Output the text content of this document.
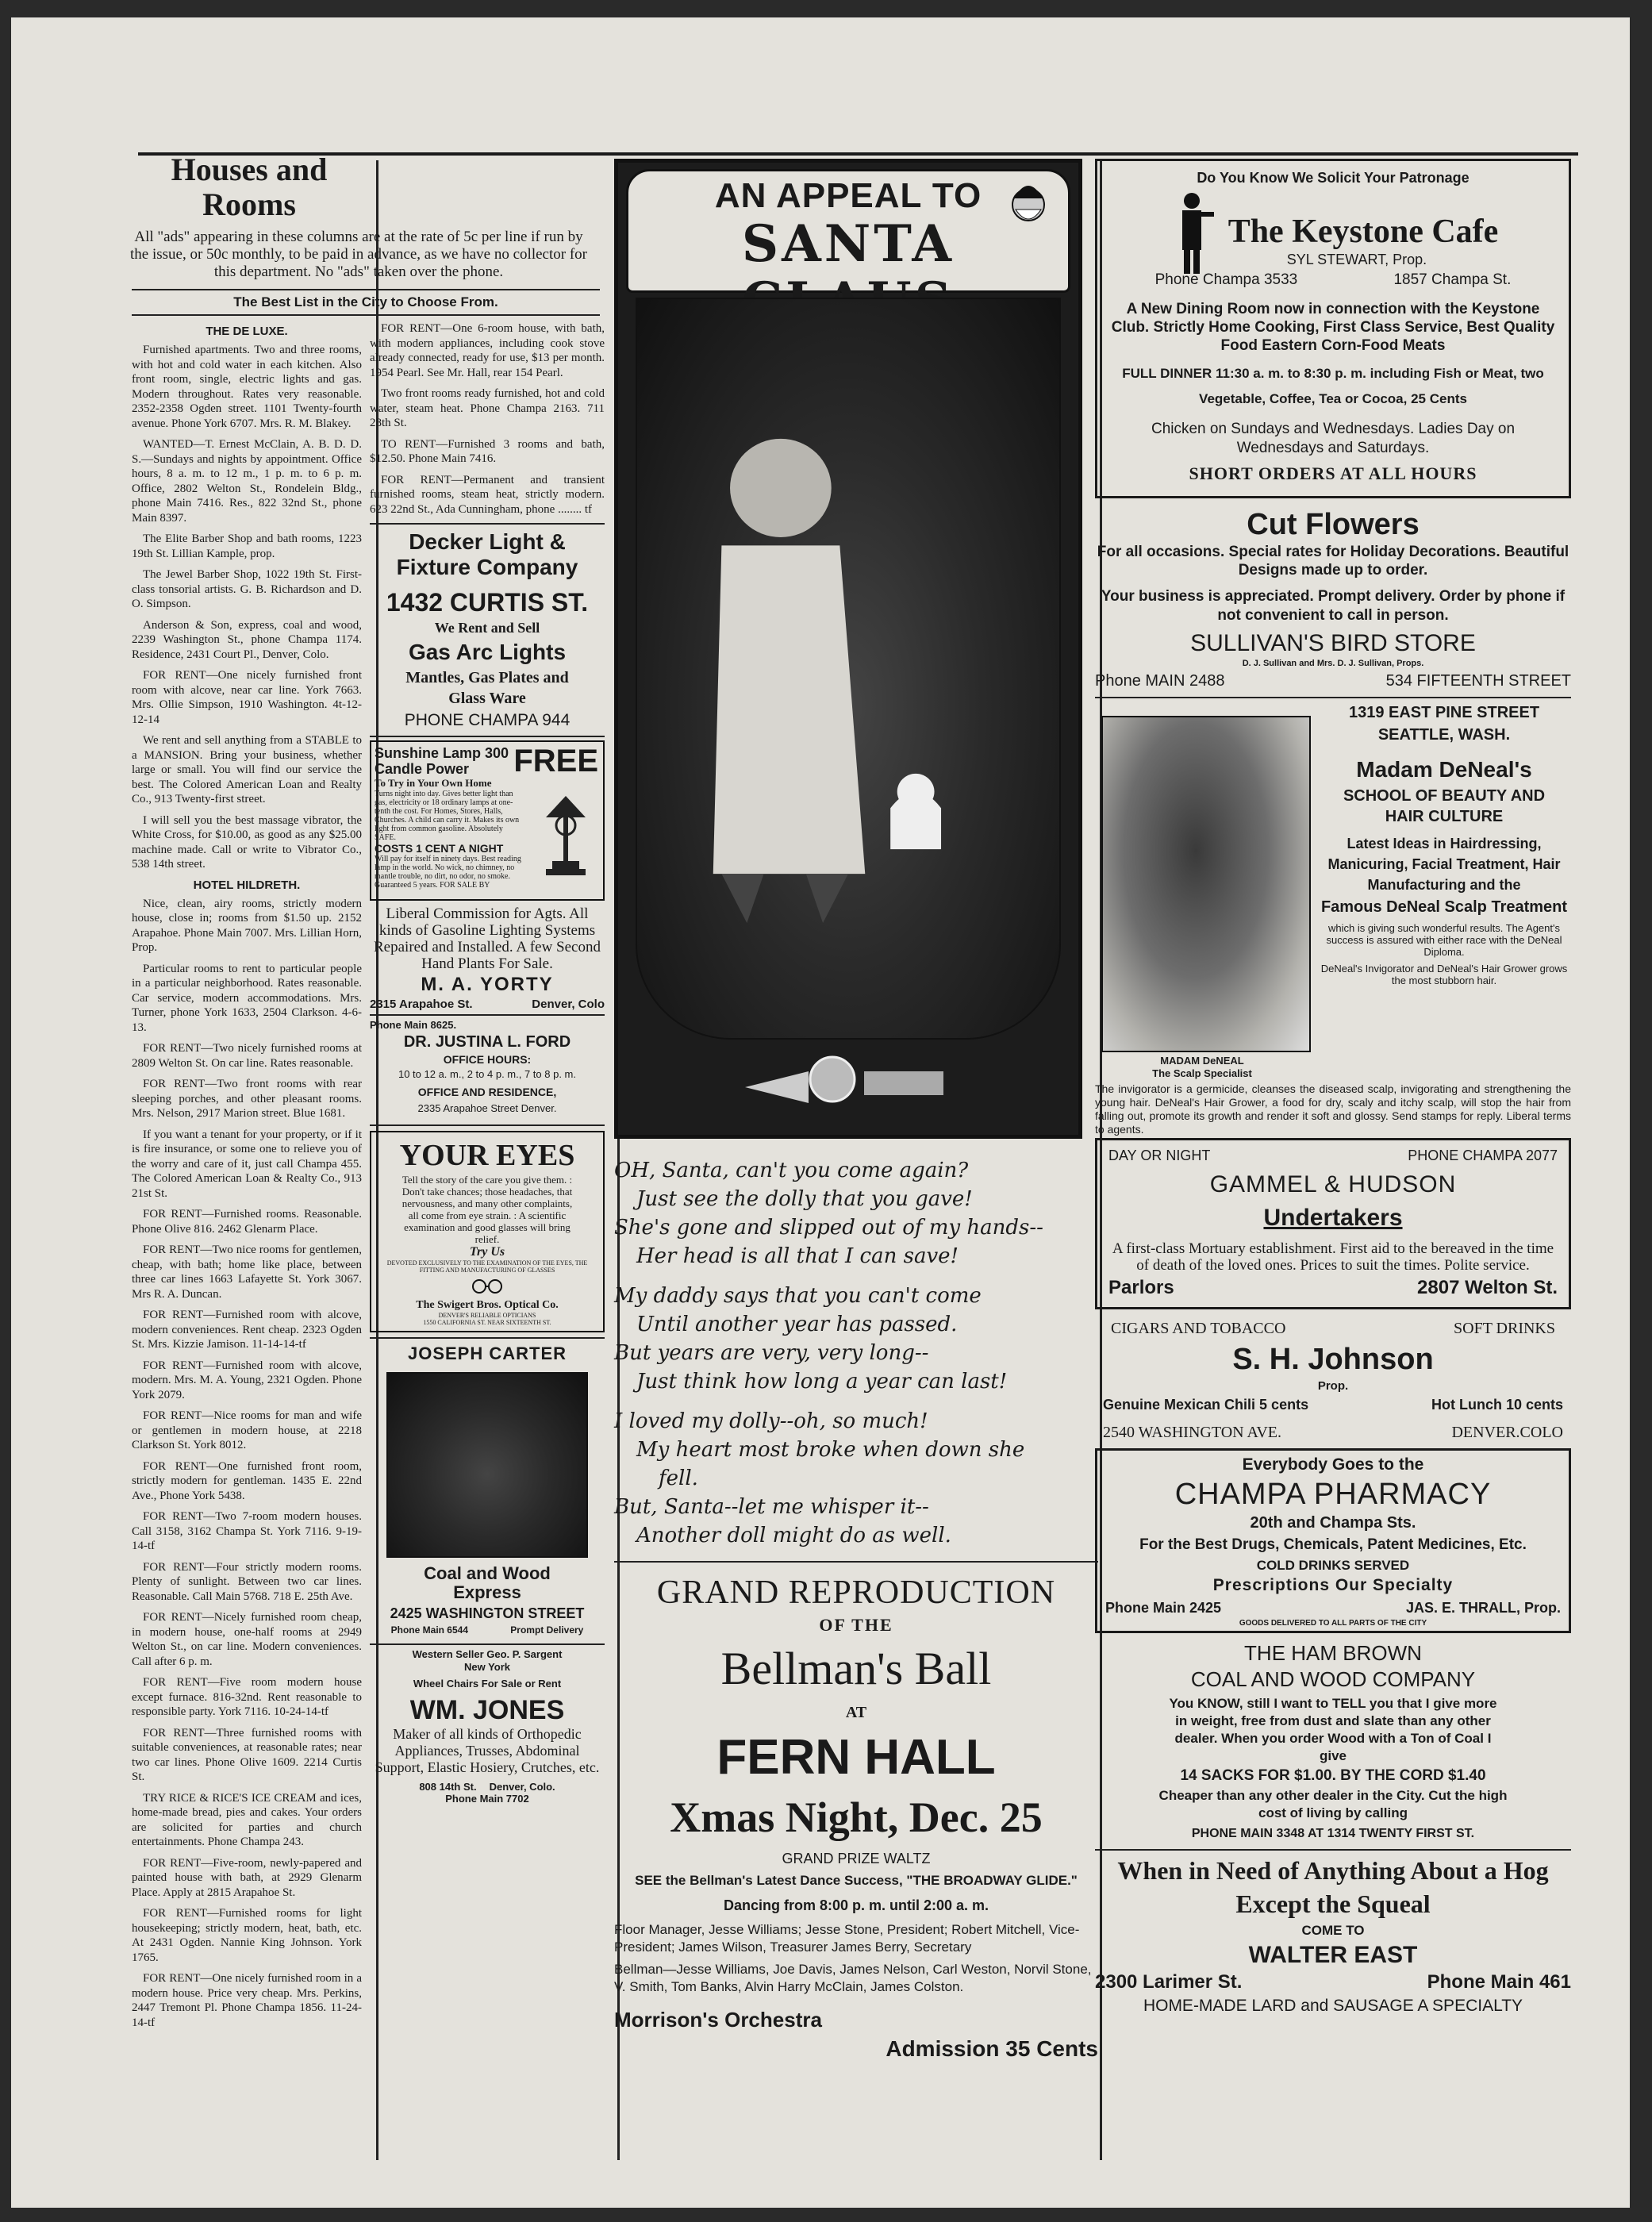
Houses and Rooms
All "ads" appearing in these columns are at the rate of 5c per line if run by the issue, or 50c monthly, to be paid in advance, as we have no collector for this department. No "ads" taken over the phone.
The Best List in the City to Choose From.
THE DE LUXE.

Furnished apartments. Two and three rooms, with hot and cold water in each kitchen. Also front room, single, electric lights and gas. Modern throughout. Rates very reasonable. 2352-2358 Ogden street. 1101 Twenty-fourth avenue. Phone York 6707. Mrs. R. M. Blakey.

WANTED—T. Ernest McClain, A. B. D. D. S.—Sundays and nights by appointment. Office hours, 8 a. m. to 12 m., 1 p. m. to 6 p. m. Office, 2802 Welton St., Rondelein Bldg., phone Main 7416. Res., 822 32nd St., phone Main 8397.

The Elite Barber Shop and bath rooms, 1223 19th St. Lillian Kample, prop.

The Jewel Barber Shop, 1022 19th St. First-class tonsorial artists. G. B. Richardson and D. O. Simpson.

Anderson & Son, express, coal and wood, 2239 Washington St., phone Champa 1174. Residence, 2431 Court Pl., Denver, Colo.

FOR RENT—One nicely furnished front room with alcove, near car line. York 7663. Mrs. Ollie Simpson, 1910 Washington. 4t-12-12-14

We rent and sell anything from a STABLE to a MANSION. Bring your business, whether large or small. You will find our service the best. The Colored American Loan and Realty Co., 913 Twenty-first street.

I will sell you the best massage vibrator, the White Cross, for $10.00, as good as any $25.00 machine made. Call or write to Vibrator Co., 538 14th street.

HOTEL HILDRETH.

Nice, clean, airy rooms, strictly modern house, close in; rooms from $1.50 up. 2152 Arapahoe. Phone Main 7007. Mrs. Lillian Horn, Prop.

Particular rooms to rent to particular people in a particular neighborhood. Rates reasonable. Car service, modern accommodations. Mrs. Turner, phone York 1633, 2504 Clarkson. 4-6-13.

FOR RENT—Two nicely furnished rooms at 2809 Welton St. On car line. Rates reasonable.

FOR RENT—Two front rooms with rear sleeping porches, and other pleasant rooms. Mrs. Nelson, 2917 Marion street. Blue 1681.

If you want a tenant for your property, or if it is fire insurance, or some one to relieve you of the worry and care of it, just call Champa 455. The Colored American Loan & Realty Co., 913 21st St.

FOR RENT—Furnished rooms. Reasonable. Phone Olive 816. 2462 Glenarm Place.

FOR RENT—Two nice rooms for gentlemen, cheap, with bath; home like place, between three car lines 1663 Lafayette St. York 3067. Mrs R. A. Duncan.

FOR RENT—Furnished room with alcove, modern conveniences. Rent cheap. 2323 Ogden St. Mrs. Kizzie Jamison. 11-14-14-tf

FOR RENT—Furnished room with alcove, modern. Mrs. M. A. Young, 2321 Ogden. Phone York 2079.

FOR RENT—Nice rooms for man and wife or gentlemen in modern house, at 2218 Clarkson St. York 8012.

FOR RENT—One furnished front room, strictly modern for gentleman. 1435 E. 22nd Ave., Phone York 5438.

FOR RENT—Two 7-room modern houses. Call 3158, 3162 Champa St. York 7116. 9-19-14-tf

FOR RENT—Four strictly modern rooms. Plenty of sunlight. Between two car lines. Reasonable. Call Main 5768. 718 E. 25th Ave.

FOR RENT—Nicely furnished room cheap, in modern house, one-half rooms at 2949 Welton St., on car line. Modern conveniences. Call after 6 p. m.

FOR RENT—Five room modern house except furnace. 816-32nd. Rent reasonable to responsible party. York 7116. 10-24-14-tf

FOR RENT—Three furnished rooms with suitable conveniences, at reasonable rates; near two car lines. Phone Olive 1609. 2214 Curtis St.

TRY RICE & RICE'S ICE CREAM and ices, home-made bread, pies and cakes. Your orders are solicited for parties and church entertainments. Phone Champa 243.

FOR RENT—Five-room, newly-papered and painted house with bath, at 2929 Glenarm Place. Apply at 2815 Arapahoe St.

FOR RENT—Furnished rooms for light housekeeping; strictly modern, heat, bath, etc. At 2431 Ogden. Nannie King Johnson. York 1765.

FOR RENT—One nicely furnished room in a modern house. Price very cheap. Mrs. Perkins, 2447 Tremont Pl. Phone Champa 1856. 11-24-14-tf

FOR RENT—One 6-room house, with bath, with modern appliances, including cook stove already connected, ready for use, $13 per month. 1954 Pearl. See Mr. Hall, rear 154 Pearl.

Two front rooms ready furnished, hot and cold water, steam heat. Phone Champa 2163. 711 28th St.

TO RENT—Furnished 3 rooms and bath, $12.50. Phone Main 7416.

FOR RENT—Permanent and transient furnished rooms, steam heat, strictly modern. 623 22nd St., Ada Cunningham, phone ........ tf

Decker Light & Fixture Company
1432 CURTIS ST.
We Rent and Sell
Gas Arc Lights
Mantles, Gas Plates and Glass Ware
PHONE CHAMPA 944
Sunshine Lamp 300 Candle Power	FREE
To Try in Your Own Home
Turns night into day. Gives better light than gas, electricity or 18 ordinary lamps at one-tenth the cost. For Homes, Stores, Halls, Churches. A child can carry it. Makes its own light from common gasoline. Absolutely SAFE.
COSTS 1 CENT A NIGHT
Will pay for itself in ninety days. Best reading lamp in the world. No wick, no chimney, no mantle trouble, no dirt, no odor, no smoke. Guaranteed 5 years. FOR SALE BY
Liberal Commission for Agts. All kinds of Gasoline Lighting Systems Repaired and Installed. A few Second Hand Plants For Sale.
M. A. YORTY
2315 Arapahoe St.	Denver, Colo
Phone Main 8625.
DR. JUSTINA L. FORD
OFFICE HOURS:
10 to 12 a. m., 2 to 4 p. m., 7 to 8 p. m.
OFFICE AND RESIDENCE,
2335 Arapahoe Street Denver.
YOUR EYES
Tell the story of the care you give them. : Don't take chances; those headaches, that nervousness, and many other complaints, all come from eye strain. : A scientific examination and good glasses will bring relief.
Try Us
DEVOTED EXCLUSIVELY TO THE EXAMINATION OF THE EYES, THE FITTING AND MANUFACTURING OF GLASSES
The Swigert Bros. Optical Co.
DENVER'S RELIABLE OPTICIANS
1550 CALIFORNIA ST. NEAR SIXTEENTH ST.
JOSEPH CARTER
Coal and Wood Express
2425 WASHINGTON STREET
Phone Main 6544	Prompt Delivery
Western Seller Geo. P. Sargent New York
Wheel Chairs For Sale or Rent
WM. JONES
Maker of all kinds of Orthopedic Appliances, Trusses, Abdominal Support, Elastic Hosiery, Crutches, etc.
808 14th St. Denver, Colo.
Phone Main 7702
AN APPEAL TO
SANTA
OH, Santa, can't you come again?
Just see the dolly that you gave!
She's gone and slipped out of my hands--
Her head is all that I can save!
My daddy says that you can't come
Until another year has passed.
But years are very, very long--
Just think how long a year can last!
I loved my dolly--oh, so much!
My heart most broke when down she
fell.
But, Santa--let me whisper it--
Another doll might do as well.
GRAND REPRODUCTION
OF THE
Bellman's Ball
AT
FERN HALL
Xmas Night, Dec. 25
GRAND PRIZE WALTZ
SEE the Bellman's Latest Dance Success, "THE BROADWAY GLIDE."
Dancing from 8:00 p. m. until 2:00 a. m.
Floor Manager, Jesse Williams; Jesse Stone, President; Robert Mitchell, Vice-President; James Wilson, Treasurer James Berry, Secretary
Bellman—Jesse Williams, Joe Davis, James Nelson, Carl Weston, Norvil Stone, V. Smith, Tom Banks, Alvin Harry McClain, James Colston.
Morrison's Orchestra
Admission 35 Cents
Do You Know We Solicit Your Patronage
The Keystone Cafe
SYL STEWART, Prop.
Phone Champa 3533	1857 Champa St.
A New Dining Room now in connection with the Keystone Club. Strictly Home Cooking, First Class Service, Best Quality Food Eastern Corn-Food Meats
FULL DINNER 11:30 a. m. to 8:30 p. m. including Fish or Meat, two Vegetable, Coffee, Tea or Cocoa, 25 Cents
Chicken on Sundays and Wednesdays. Ladies Day on Wednesdays and Saturdays.
SHORT ORDERS AT ALL HOURS
Cut Flowers
For all occasions. Special rates for Holiday Decorations. Beautiful Designs made up to order.
Your business is appreciated. Prompt delivery. Order by phone if not convenient to call in person.
SULLIVAN'S BIRD STORE
D. J. Sullivan and Mrs. D. J. Sullivan, Props.
Phone MAIN 2488	534 FIFTEENTH STREET
MADAM DeNEAL
The Scalp Specialist
1319 EAST PINE STREET
SEATTLE, WASH.
Madam DeNeal's
SCHOOL OF BEAUTY AND HAIR CULTURE
Latest Ideas in Hairdressing, Manicuring, Facial Treatment, Hair Manufacturing and the
Famous DeNeal Scalp Treatment
which is giving such wonderful results. The Agent's success is assured with either race with the DeNeal Diploma.
DeNeal's Invigorator and DeNeal's Hair Grower grows the most stubborn hair.
The invigorator is a germicide, cleanses the diseased scalp, invigorating and strengthening the young hair. DeNeal's Hair Grower, a food for dry, scaly and itchy scalp, will stop the hair from falling out, promote its growth and render it soft and glossy. Send stamps for reply. Liberal terms to agents.
DAY OR NIGHT	PHONE CHAMPA 2077
GAMMEL & HUDSON
Undertakers
A first-class Mortuary establishment. First aid to the bereaved in the time of death of the loved ones. Prices to suit the times. Polite service.
Parlors	2807 Welton St.
CIGARS AND TOBACCO	SOFT DRINKS
S. H. Johnson
Prop.
Genuine Mexican Chili 5 cents	Hot Lunch 10 cents
2540 WASHINGTON AVE.	DENVER.COLO
Everybody Goes to the
CHAMPA PHARMACY
20th and Champa Sts.
For the Best Drugs, Chemicals, Patent Medicines, Etc.
COLD DRINKS SERVED
Prescriptions Our Specialty
Phone Main 2425	JAS. E. THRALL, Prop.
GOODS DELIVERED TO ALL PARTS OF THE CITY
THE HAM BROWN
COAL AND WOOD COMPANY
You KNOW, still I want to TELL you that I give more in weight, free from dust and slate than any other dealer. When you order Wood with a Ton of Coal I give
14 SACKS FOR $1.00. BY THE CORD $1.40
Cheaper than any other dealer in the City. Cut the high cost of living by calling
PHONE MAIN 3348 AT 1314 TWENTY FIRST ST.
When in Need of Anything About a Hog Except the Squeal
COME TO
WALTER EAST
2300 Larimer St.	Phone Main 461
HOME-MADE LARD and SAUSAGE A SPECIALTY
